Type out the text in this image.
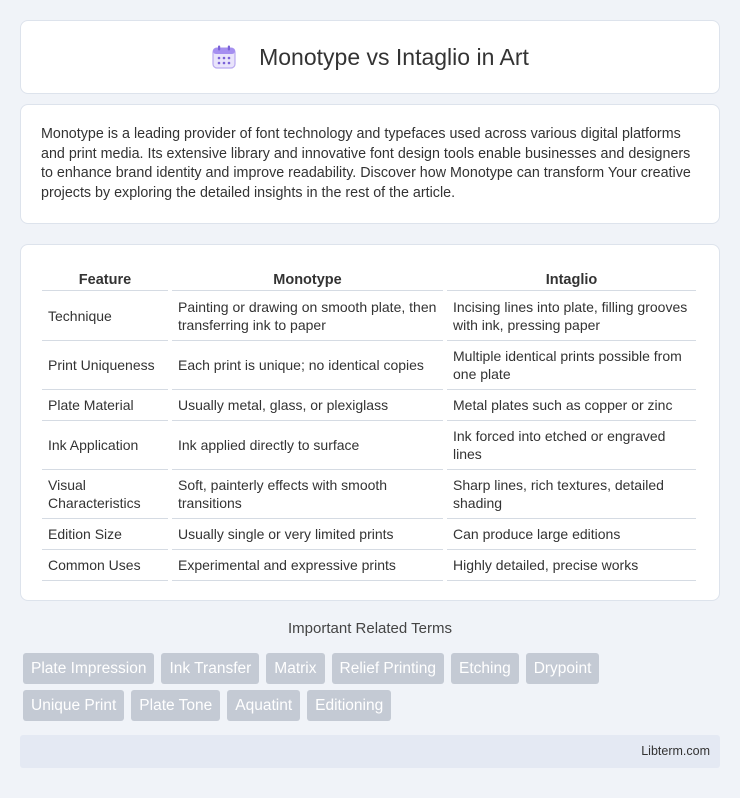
Monotype vs Intaglio in Art

Monotype is a leading provider of font technology and typefaces used across various digital platforms and print media. Its extensive library and innovative font design tools enable businesses and designers to enhance brand identity and improve readability. Discover how Monotype can transform Your creative projects by exploring the detailed insights in the rest of the article.

Feature	Monotype	Intaglio
Technique	Painting or drawing on smooth plate, then transferring ink to paper	Incising lines into plate, filling grooves with ink, pressing paper
Print Uniqueness	Each print is unique; no identical copies	Multiple identical prints possible from one plate
Plate Material	Usually metal, glass, or plexiglass	Metal plates such as copper or zinc
Ink Application	Ink applied directly to surface	Ink forced into etched or engraved lines
Visual Characteristics	Soft, painterly effects with smooth transitions	Sharp lines, rich textures, detailed shading
Edition Size	Usually single or very limited prints	Can produce large editions
Common Uses	Experimental and expressive prints	Highly detailed, precise works
Important Related Terms
Plate Impression	Ink Transfer	Matrix	Relief Printing	Etching	Drypoint
Unique Print	Plate Tone	Aquatint	Editioning
Libterm.com
